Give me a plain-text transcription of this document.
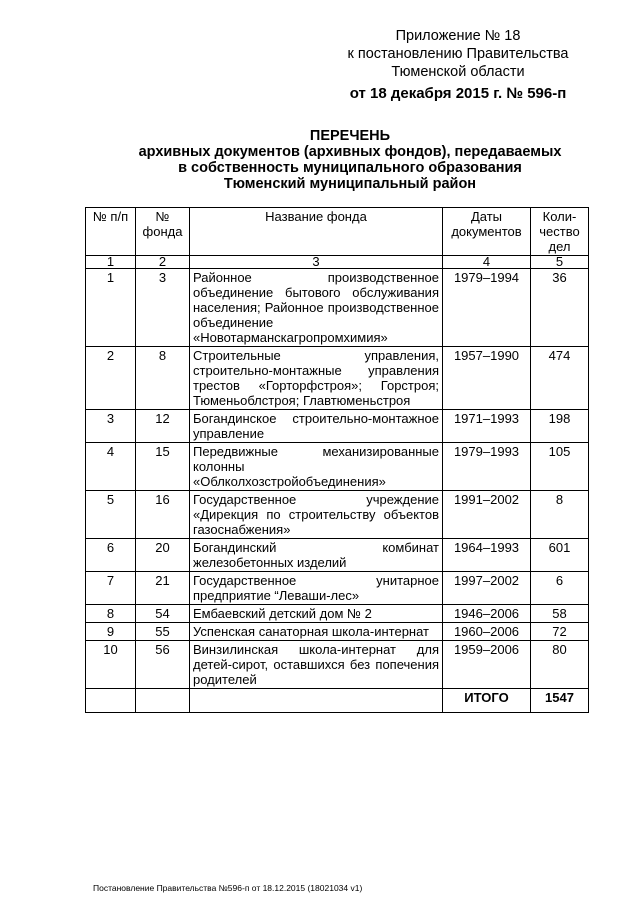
Приложение № 18
к постановлению Правительства
Тюменской области
от 18 декабря 2015 г. № 596-п
ПЕРЕЧЕНЬ
архивных документов (архивных фондов), передаваемых
в собственность муниципального образования
Тюменский муниципальный район
№ п/п	№ фонда	Название фонда	Даты документов	Коли-чество дел
1	2	3	4	5
1	3	Районное производственное объединение бытового обслуживания населения; Районное производственное объединение «Новотарманскагропромхимия»	1979–1994	36
2	8	Строительные управления, строительно-монтажные управления трестов «Горторфстроя»; Горстроя; Тюменьоблстроя; Главтюменьстроя	1957–1990	474
3	12	Богандинское строительно-монтажное управление	1971–1993	198
4	15	Передвижные механизированные колонны «Облколхозстройобъединения»	1979–1993	105
5	16	Государственное учреждение «Дирекция по строительству объектов газоснабжения»	1991–2002	8
6	20	Богандинский комбинат железобетонных изделий	1964–1993	601
7	21	Государственное унитарное предприятие “Леваши-лес»	1997–2002	6
8	54	Ембаевский детский дом № 2	1946–2006	58
9	55	Успенская санаторная школа-интернат	1960–2006	72
10	56	Винзилинская школа-интернат для детей-сирот, оставшихся без попечения родителей	1959–2006	80
			ИТОГО	1547
Постановление Правительства №596-п от 18.12.2015 (18021034 v1)
